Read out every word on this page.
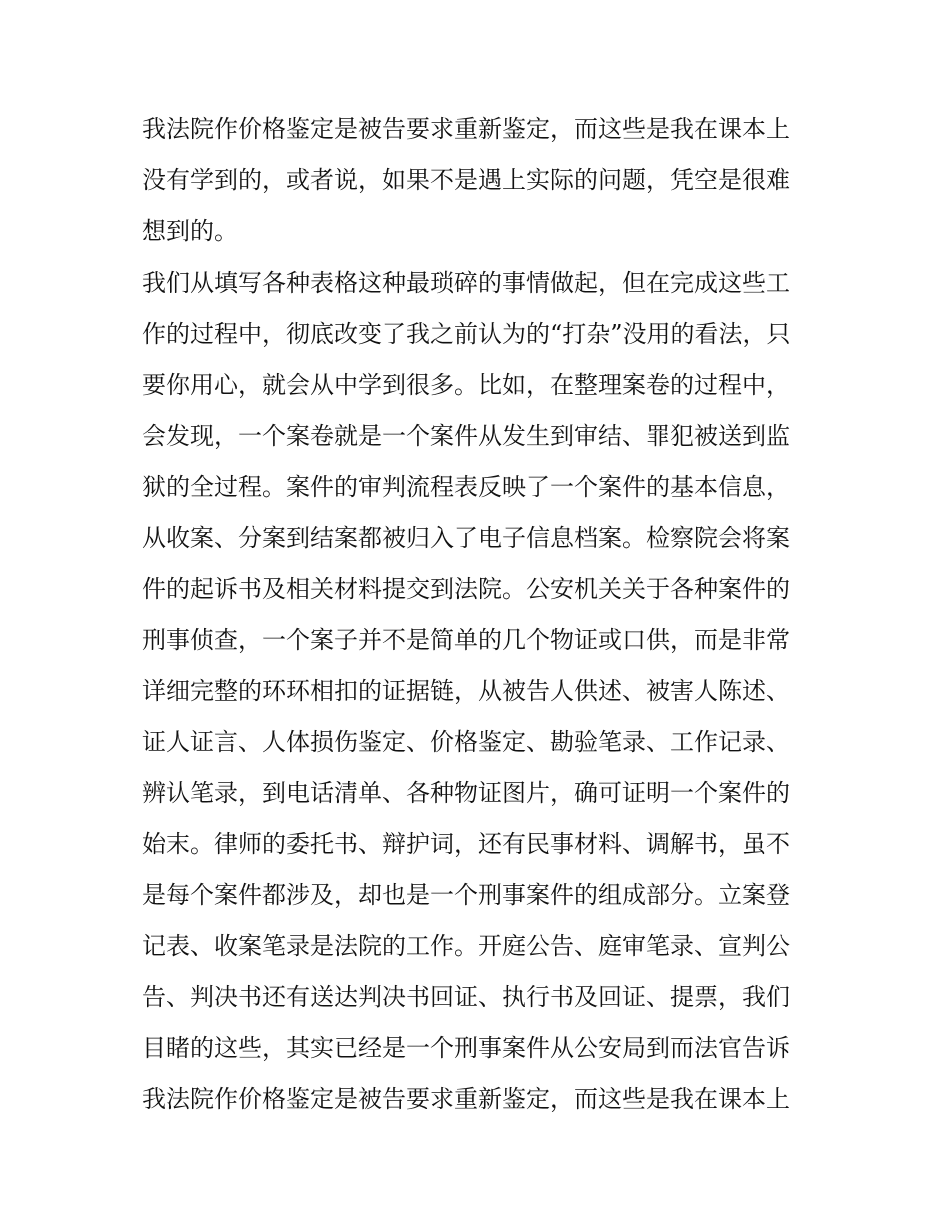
我法院作价格鉴定是被告要求重新鉴定，而这些是我在课本上
没有学到的，或者说，如果不是遇上实际的问题，凭空是很难
想到的。

我们从填写各种表格这种最琐碎的事情做起，但在完成这些工
作的过程中，彻底改变了我之前认为的“打杂”没用的看法，只
要你用心，就会从中学到很多。比如，在整理案卷的过程中，
会发现，一个案卷就是一个案件从发生到审结、罪犯被送到监
狱的全过程。案件的审判流程表反映了一个案件的基本信息，
从收案、分案到结案都被归入了电子信息档案。检察院会将案
件的起诉书及相关材料提交到法院。公安机关关于各种案件的
刑事侦查，一个案子并不是简单的几个物证或口供，而是非常
详细完整的环环相扣的证据链，从被告人供述、被害人陈述、
证人证言、人体损伤鉴定、价格鉴定、勘验笔录、工作记录、
辨认笔录，到电话清单、各种物证图片，确可证明一个案件的
始末。律师的委托书、辩护词，还有民事材料、调解书，虽不
是每个案件都涉及，却也是一个刑事案件的组成部分。立案登
记表、收案笔录是法院的工作。开庭公告、庭审笔录、宣判公
告、判决书还有送达判决书回证、执行书及回证、提票，我们
目睹的这些，其实已经是一个刑事案件从公安局到而法官告诉
我法院作价格鉴定是被告要求重新鉴定，而这些是我在课本上
